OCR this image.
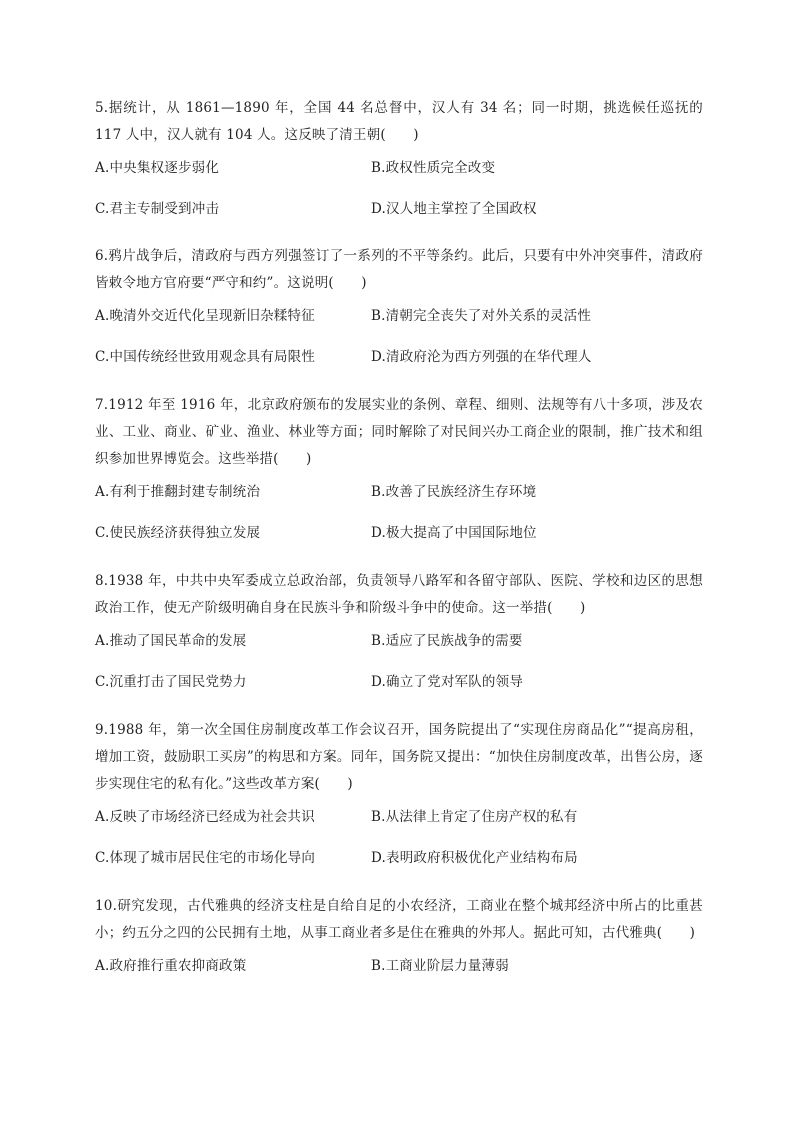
5.据统计，从 1861—1890 年，全国 44 名总督中，汉人有 34 名；同一时期，挑选候任巡抚的 117 人中，汉人就有 104 人。这反映了清王朝(　　)

A.中央集权逐步弱化	B.政权性质完全改变
C.君主专制受到冲击	D.汉人地主掌控了全国政权

6.鸦片战争后，清政府与西方列强签订了一系列的不平等条约。此后，只要有中外冲突事件，清政府皆敕令地方官府要“严守和约”。这说明(　　)

A.晚清外交近代化呈现新旧杂糅特征	B.清朝完全丧失了对外关系的灵活性
C.中国传统经世致用观念具有局限性	D.清政府沦为西方列强的在华代理人

7.1912 年至 1916 年，北京政府颁布的发展实业的条例、章程、细则、法规等有八十多项，涉及农业、工业、商业、矿业、渔业、林业等方面；同时解除了对民间兴办工商企业的限制，推广技术和组织参加世界博览会。这些举措(　　)

A.有利于推翻封建专制统治	B.改善了民族经济生存环境
C.使民族经济获得独立发展	D.极大提高了中国国际地位

8.1938 年，中共中央军委成立总政治部，负责领导八路军和各留守部队、医院、学校和边区的思想政治工作，使无产阶级明确自身在民族斗争和阶级斗争中的使命。这一举措(　　)

A.推动了国民革命的发展	B.适应了民族战争的需要
C.沉重打击了国民党势力	D.确立了党对军队的领导

9.1988 年，第一次全国住房制度改革工作会议召开，国务院提出了“实现住房商品化”“提高房租，增加工资，鼓励职工买房”的构思和方案。同年，国务院又提出：“加快住房制度改革，出售公房，逐步实现住宅的私有化。”这些改革方案(　　)

A.反映了市场经济已经成为社会共识	B.从法律上肯定了住房产权的私有
C.体现了城市居民住宅的市场化导向	D.表明政府积极优化产业结构布局

10.研究发现，古代雅典的经济支柱是自给自足的小农经济，工商业在整个城邦经济中所占的比重甚小；约五分之四的公民拥有土地，从事工商业者多是住在雅典的外邦人。据此可知，古代雅典(　　)

A.政府推行重农抑商政策	B.工商业阶层力量薄弱
